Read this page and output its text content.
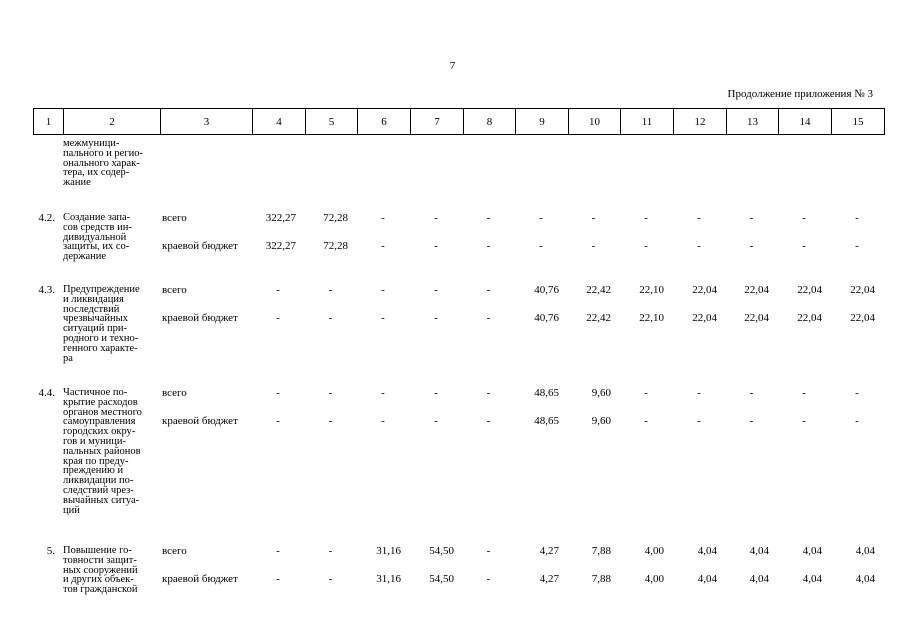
7
Продолжение приложения № 3
1	2	3	4	5	6	7	8	9	10	11	12	13	14	15
межмуници-
пального и регио-
онального харак-
тера, их содер-
жание
4.2. Создание запа-
сов средств ин-
дивидуальной
защиты, их со-
держание
всего	322,27	72,28	-	-	-	-	-	-	-	-	-	-
краевой бюджет	322,27	72,28	-	-	-	-	-	-	-	-	-	-
4.3. Предупреждение
и ликвидация
последствий
чрезвычайных
ситуаций при-
родного и техно-
генного характе-
ра
всего	-	-	-	-	-	40,76	22,42	22,10	22,04	22,04	22,04	22,04
краевой бюджет	-	-	-	-	-	40,76	22,42	22,10	22,04	22,04	22,04	22,04
4.4. Частичное по-
крытие расходов
органов местного
самоуправления
городских окру-
гов и муници-
пальных районов
края по преду-
преждению и
ликвидации по-
следствий чрез-
вычайных ситуа-
ций
всего	-	-	-	-	-	48,65	9,60	-	-	-	-	-
краевой бюджет	-	-	-	-	-	48,65	9,60	-	-	-	-	-
5. Повышение го-
товности защит-
ных сооружений
и других объек-
тов гражданской
всего	-	-	31,16	54,50	-	4,27	7,88	4,00	4,04	4,04	4,04	4,04
краевой бюджет	-	-	31,16	54,50	-	4,27	7,88	4,00	4,04	4,04	4,04	4,04
